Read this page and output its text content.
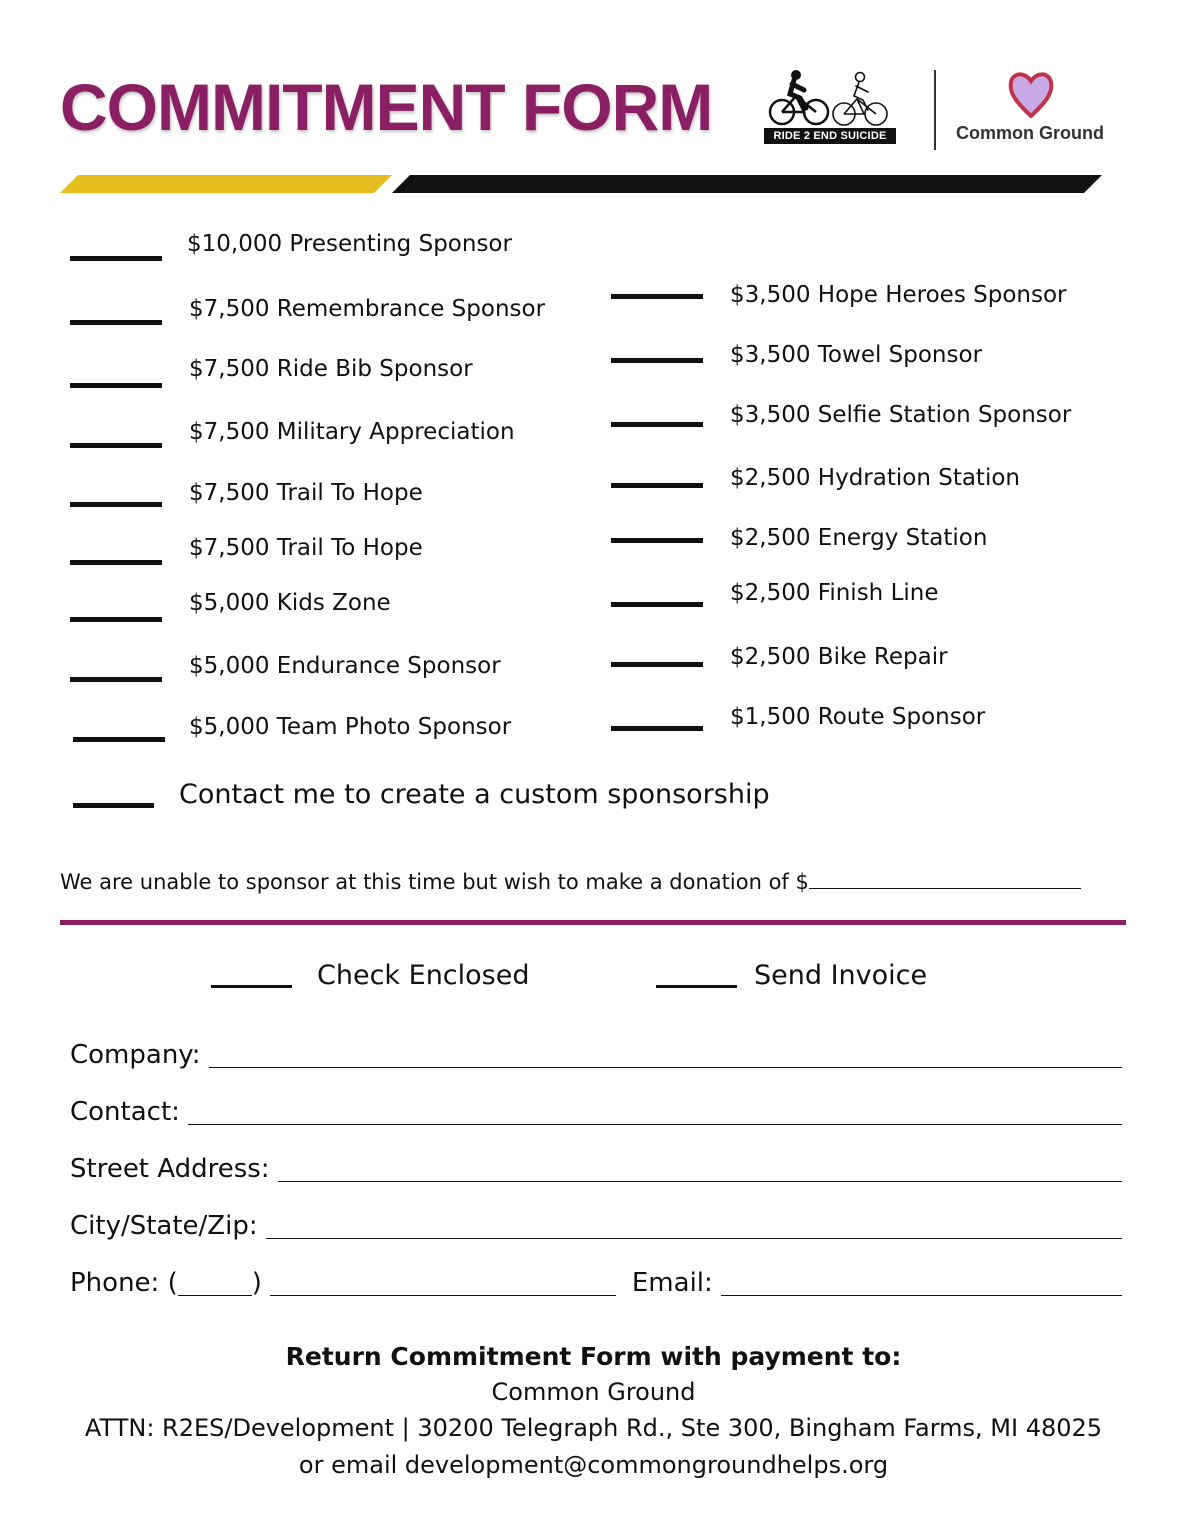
COMMITMENT FORM	RIDE 2 END SUICIDE	Common Ground
$10,000 Presenting Sponsor
$7,500 Remembrance Sponsor
$7,500 Ride Bib Sponsor
$7,500 Military Appreciation
$7,500 Trail To Hope
$7,500 Trail To Hope
$5,000 Kids Zone
$5,000 Endurance Sponsor
$5,000 Team Photo Sponsor
$3,500 Hope Heroes Sponsor
$3,500 Towel Sponsor
$3,500 Selfie Station Sponsor
$2,500 Hydration Station
$2,500 Energy Station
$2,500 Finish Line
$2,500 Bike Repair
$1,500 Route Sponsor
Contact me to create a custom sponsorship
We are unable to sponsor at this time but wish to make a donation of $
Check Enclosed	Send Invoice
Company:
Contact:
Street Address:
City/State/Zip:
Phone: (	)	Email:
Return Commitment Form with payment to:
Common Ground
ATTN: R2ES/Development | 30200 Telegraph Rd., Ste 300, Bingham Farms, MI 48025
or email development@commongroundhelps.org
